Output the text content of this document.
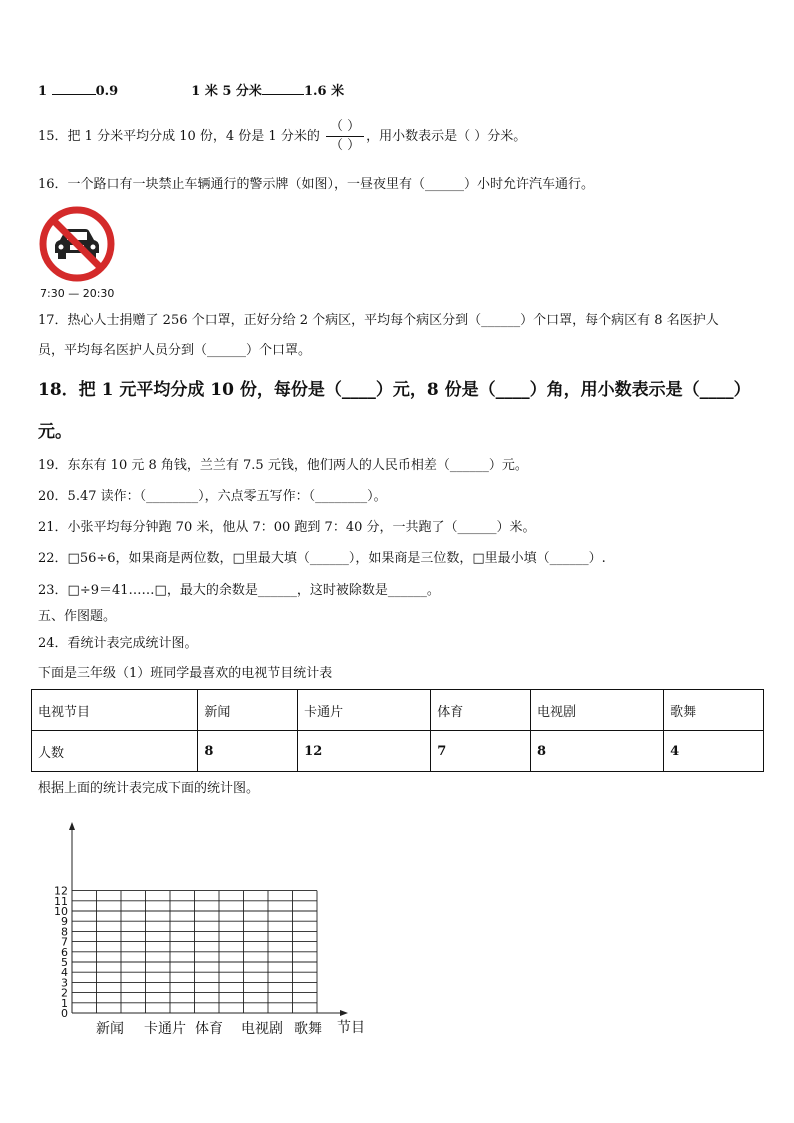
1	0.9	1 米 5 分米	1.6 米
15．把 1 分米平均分成 10 份，4 份是 1 分米的 $\frac{( )}{( )}$ ，用小数表示是（ ）分米。
16．一个路口有一块禁止车辆通行的警示牌（如图），一昼夜里有（______）小时允许汽车通行。
7:30 — 20:30
17．热心人士捐赠了 256 个口罩，正好分给 2 个病区，平均每个病区分到（______）个口罩，每个病区有 8 名医护人
员，平均每名医护人员分到（______）个口罩。
18．把 1 元平均分成 10 份，每份是（____）元，8 份是（____）角，用小数表示是（____）
元。
19．东东有 10 元 8 角钱，兰兰有 7.5 元钱，他们两人的人民币相差（______）元。
20．5.47 读作：（________），六点零五写作：（________）。
21．小张平均每分钟跑 70 米，他从 7：00 跑到 7：40 分，一共跑了（______）米。
22．□56÷6，如果商是两位数，□里最大填（______），如果商是三位数，□里最小填（______）.
23．□÷9＝41……□，最大的余数是______，这时被除数是______。
五、作图题。
24．看统计表完成统计图。
下面是三年级（1）班同学最喜欢的电视节目统计表
电视节目	新闻	卡通片	体育	电视剧	歌舞
人数	8	12	7	8	4
根据上面的统计表完成下面的统计图。
0
1
2
3
4
5
6
7
8
9
10
11
12
新闻 卡通片 体育 电视剧 歌舞 节目
